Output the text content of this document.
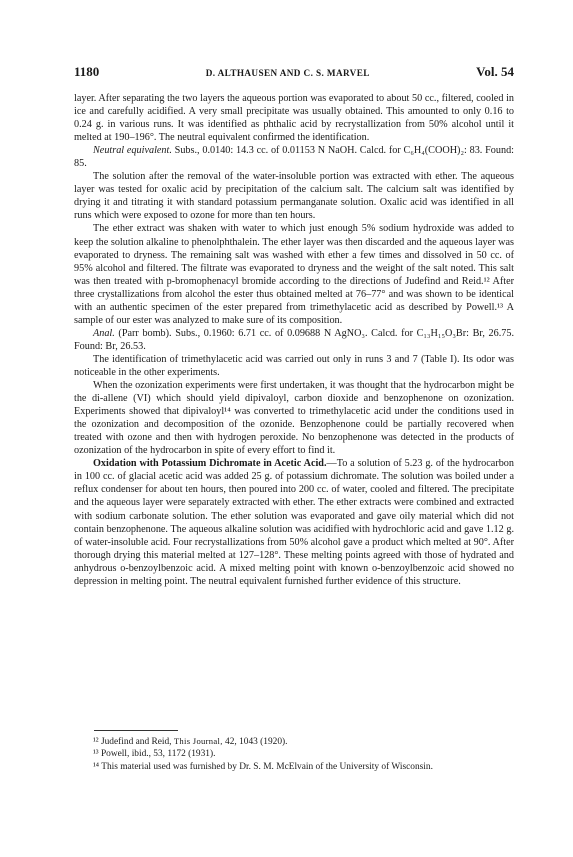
1180	D. ALTHAUSEN AND C. S. MARVEL	Vol. 54

layer. After separating the two layers the aqueous portion was evaporated to about 50 cc., filtered, cooled in ice and carefully acidified. A very small precipitate was usually obtained. This amounted to only 0.16 to 0.24 g. in various runs. It was identified as phthalic acid by recrystallization from 50% alcohol until it melted at 190–196°. The neutral equivalent confirmed the identification.

Neutral equivalent. Subs., 0.0140: 14.3 cc. of 0.01153 N NaOH. Calcd. for C₆H₄(COOH)₂: 83. Found: 85.

The solution after the removal of the water-insoluble portion was extracted with ether. The aqueous layer was tested for oxalic acid by precipitation of the calcium salt. The calcium salt was identified by drying it and titrating it with standard potassium permanganate solution. Oxalic acid was identified in all runs which were exposed to ozone for more than ten hours.

The ether extract was shaken with water to which just enough 5% sodium hydroxide was added to keep the solution alkaline to phenolphthalein. The ether layer was then discarded and the aqueous layer was evaporated to dryness. The remaining salt was washed with ether a few times and dissolved in 50 cc. of 95% alcohol and filtered. The filtrate was evaporated to dryness and the weight of the salt noted. This salt was then treated with p-bromophenacyl bromide according to the directions of Judefind and Reid.¹² After three crystallizations from alcohol the ester thus obtained melted at 76–77° and was shown to be identical with an authentic specimen of the ester prepared from trimethylacetic acid as described by Powell.¹³ A sample of our ester was analyzed to make sure of its composition.

Anal. (Parr bomb). Subs., 0.1960: 6.71 cc. of 0.09688 N AgNO₃. Calcd. for C₁₃H₁₅O₃Br: Br, 26.75. Found: Br, 26.53.

The identification of trimethylacetic acid was carried out only in runs 3 and 7 (Table I). Its odor was noticeable in the other experiments.

When the ozonization experiments were first undertaken, it was thought that the hydrocarbon might be the di-allene (VI) which should yield dipivaloyl, carbon dioxide and benzophenone on ozonization. Experiments showed that dipivaloyl¹⁴ was converted to trimethylacetic acid under the conditions used in the ozonization and decomposition of the ozonide. Benzophenone could be partially recovered when treated with ozone and then with hydrogen peroxide. No benzophenone was detected in the products of ozonization of the hydrocarbon in spite of every effort to find it.

Oxidation with Potassium Dichromate in Acetic Acid.—To a solution of 5.23 g. of the hydrocarbon in 100 cc. of glacial acetic acid was added 25 g. of potassium dichromate. The solution was boiled under a reflux condenser for about ten hours, then poured into 200 cc. of water, cooled and filtered. The precipitate and the aqueous layer were separately extracted with ether. The ether extracts were combined and extracted with sodium carbonate solution. The ether solution was evaporated and gave oily material which did not contain benzophenone. The aqueous alkaline solution was acidified with hydrochloric acid and gave 1.12 g. of water-insoluble acid. Four recrystallizations from 50% alcohol gave a product which melted at 90°. After thorough drying this material melted at 127–128°. These melting points agreed with those of hydrated and anhydrous o-benzoylbenzoic acid. A mixed melting point with known o-benzoylbenzoic acid showed no depression in melting point. The neutral equivalent furnished further evidence of this structure.

¹² Judefind and Reid, This Journal, 42, 1043 (1920).

¹³ Powell, ibid., 53, 1172 (1931).

¹⁴ This material used was furnished by Dr. S. M. McElvain of the University of Wisconsin.
